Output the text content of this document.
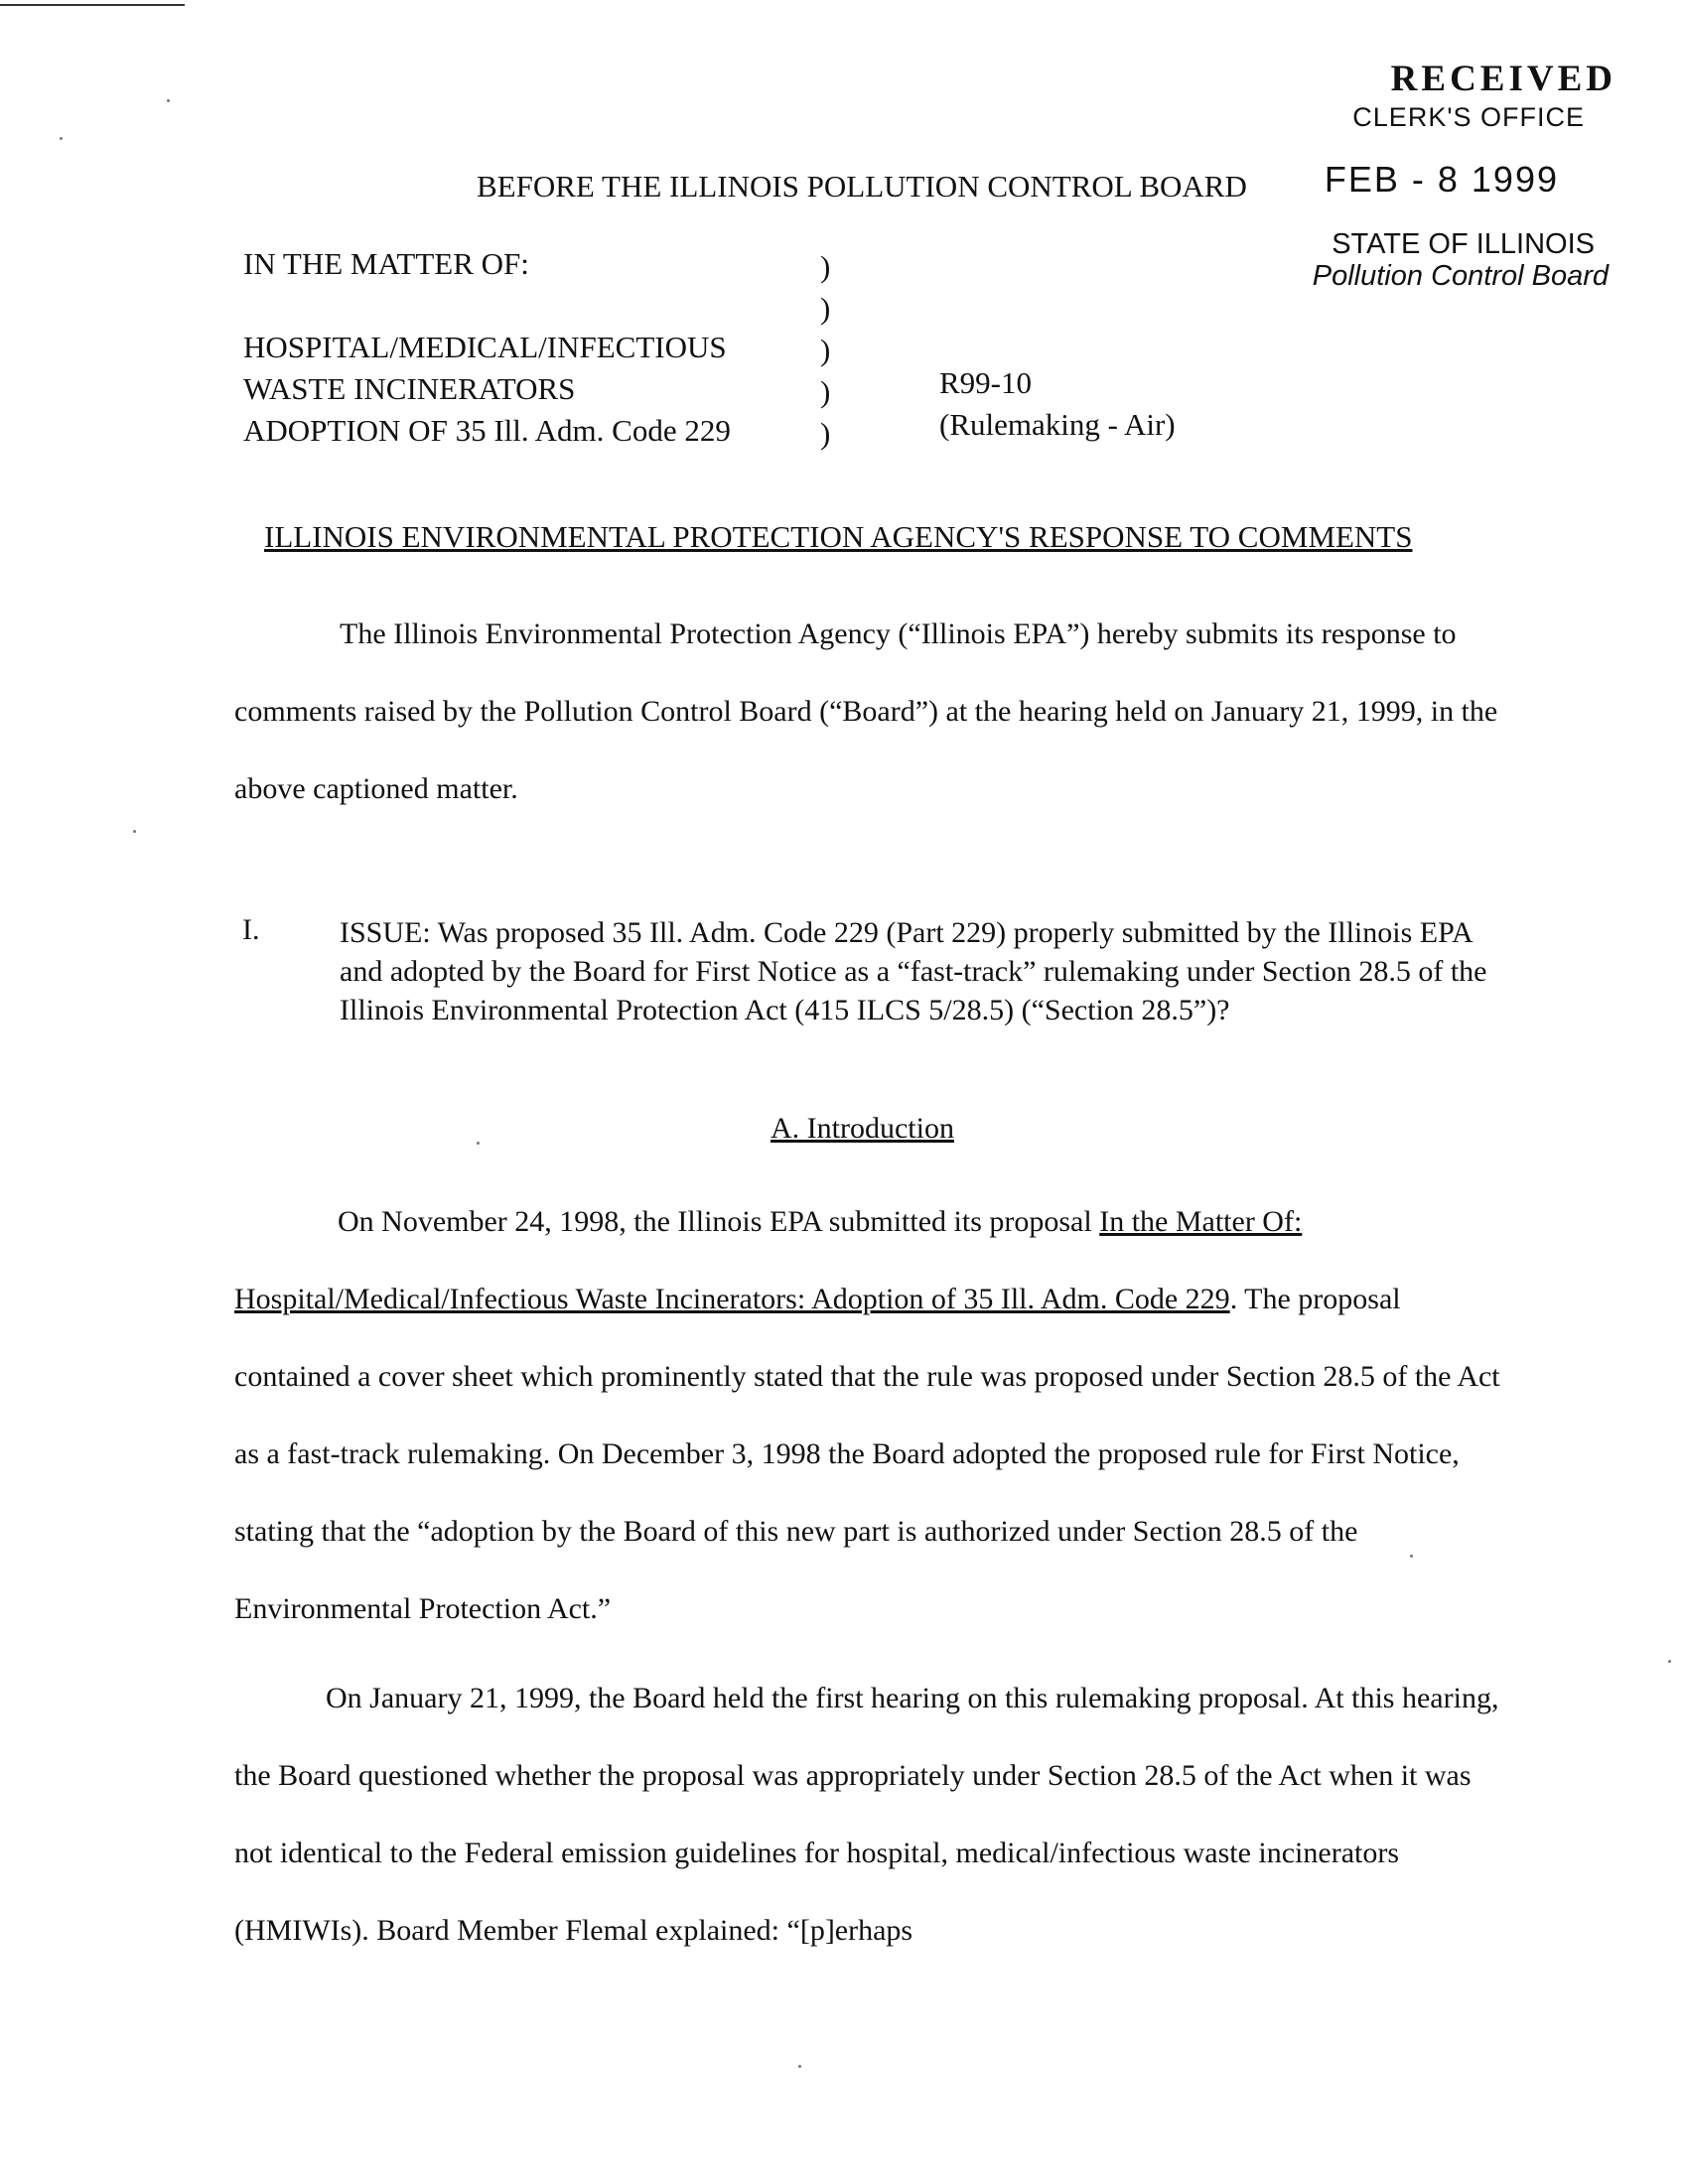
RECEIVED
CLERK'S OFFICE
FEB - 8 1999
STATE OF ILLINOIS
Pollution Control Board
BEFORE THE ILLINOIS POLLUTION CONTROL BOARD
IN THE MATTER OF:
HOSPITAL/MEDICAL/INFECTIOUS
WASTE INCINERATORS
ADOPTION OF 35 Ill. Adm. Code 229
)
)
)
)
)
R99-10
(Rulemaking - Air)
ILLINOIS ENVIRONMENTAL PROTECTION AGENCY'S RESPONSE TO COMMENTS
The Illinois Environmental Protection Agency (“Illinois EPA”) hereby submits its response to comments raised by the Pollution Control Board (“Board”) at the hearing held on January 21, 1999, in the above captioned matter.
I.	ISSUE: Was proposed 35 Ill. Adm. Code 229 (Part 229) properly submitted by the Illinois EPA and adopted by the Board for First Notice as a “fast-track” rulemaking under Section 28.5 of the Illinois Environmental Protection Act (415 ILCS 5/28.5) (“Section 28.5”)?
A. Introduction
On November 24, 1998, the Illinois EPA submitted its proposal In the Matter Of: Hospital/Medical/Infectious Waste Incinerators: Adoption of 35 Ill. Adm. Code 229. The proposal contained a cover sheet which prominently stated that the rule was proposed under Section 28.5 of the Act as a fast-track rulemaking. On December 3, 1998 the Board adopted the proposed rule for First Notice, stating that the “adoption by the Board of this new part is authorized under Section 28.5 of the Environmental Protection Act.”
On January 21, 1999, the Board held the first hearing on this rulemaking proposal. At this hearing, the Board questioned whether the proposal was appropriately under Section 28.5 of the Act when it was not identical to the Federal emission guidelines for hospital, medical/infectious waste incinerators (HMIWIs). Board Member Flemal explained: “[p]erhaps
